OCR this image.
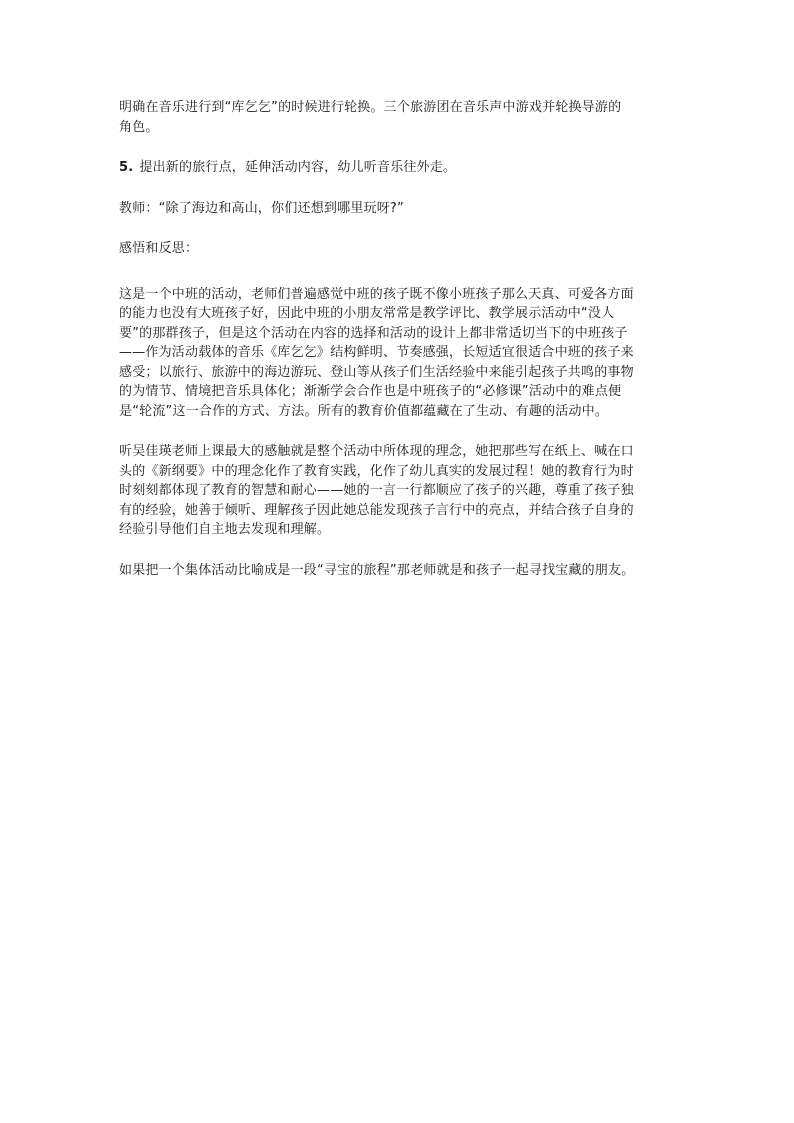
明确在音乐进行到“库乞乞”的时候进行轮换。三个旅游团在音乐声中游戏并轮换导游的
角色。

5. 提出新的旅行点，延伸活动内容，幼儿听音乐往外走。

教师：“除了海边和高山，你们还想到哪里玩呀?”

感悟和反思：

这是一个中班的活动，老师们普遍感觉中班的孩子既不像小班孩子那么天真、可爱各方面
的能力也没有大班孩子好，因此中班的小朋友常常是教学评比、教学展示活动中“没人
要”的那群孩子，但是这个活动在内容的选择和活动的设计上都非常适切当下的中班孩子
——作为活动载体的音乐《库乞乞》结构鲜明、节奏感强，长短适宜很适合中班的孩子来
感受；以旅行、旅游中的海边游玩、登山等从孩子们生活经验中来能引起孩子共鸣的事物
的为情节、情境把音乐具体化；渐渐学会合作也是中班孩子的“必修课”活动中的难点便
是“轮流”这一合作的方式、方法。所有的教育价值都蕴藏在了生动、有趣的活动中。

听吴佳瑛老师上课最大的感触就是整个活动中所体现的理念，她把那些写在纸上、喊在口
头的《新纲要》中的理念化作了教育实践，化作了幼儿真实的发展过程！她的教育行为时
时刻刻都体现了教育的智慧和耐心——她的一言一行都顺应了孩子的兴趣，尊重了孩子独
有的经验，她善于倾听、理解孩子因此她总能发现孩子言行中的亮点，并结合孩子自身的
经验引导他们自主地去发现和理解。

如果把一个集体活动比喻成是一段“寻宝的旅程”那老师就是和孩子一起寻找宝藏的朋友。
